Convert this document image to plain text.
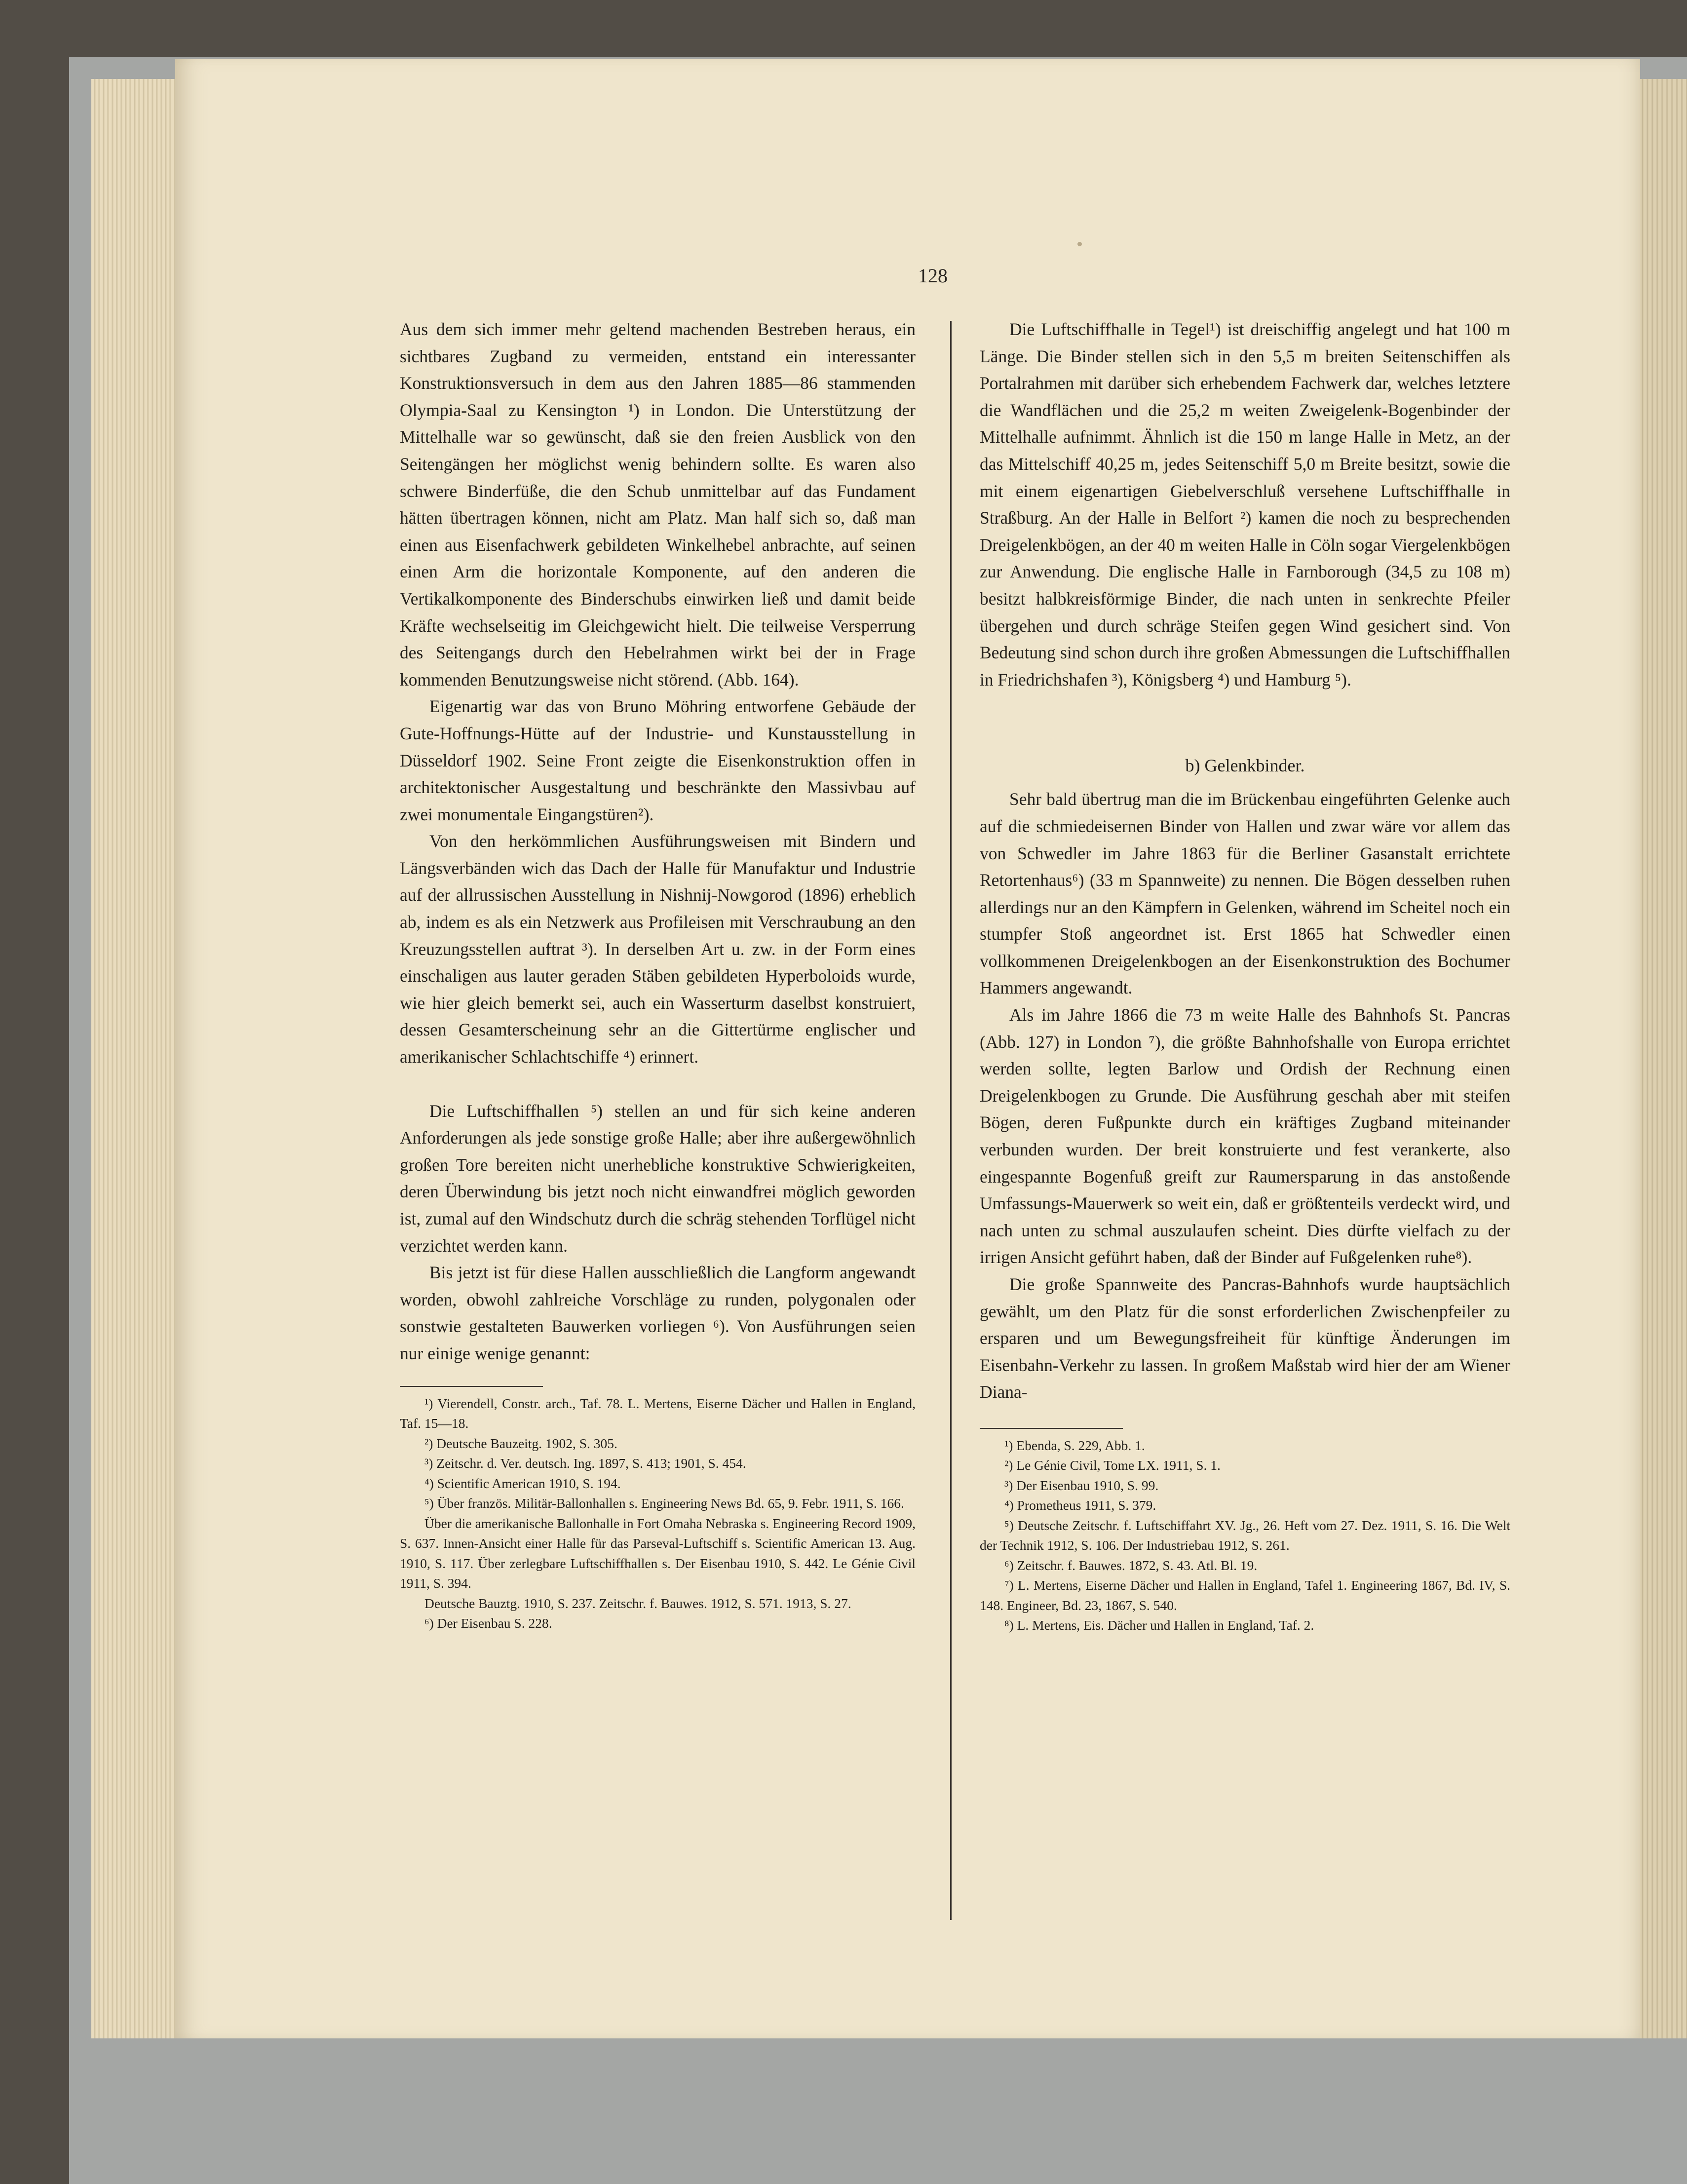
128

Aus dem sich immer mehr geltend machenden Bestreben heraus, ein sichtbares Zugband zu vermeiden, entstand ein interessanter Konstruktionsversuch in dem aus den Jahren 1885—86 stammenden Olympia-Saal zu Kensington ¹) in London. Die Unterstützung der Mittelhalle war so gewünscht, daß sie den freien Ausblick von den Seitengängen her möglichst wenig behindern sollte. Es waren also schwere Binderfüße, die den Schub unmittelbar auf das Fundament hätten übertragen können, nicht am Platz. Man half sich so, daß man einen aus Eisenfachwerk gebildeten Winkelhebel anbrachte, auf seinen einen Arm die horizontale Komponente, auf den anderen die Vertikalkomponente des Binderschubs einwirken ließ und damit beide Kräfte wechselseitig im Gleichgewicht hielt. Die teilweise Versperrung des Seitengangs durch den Hebelrahmen wirkt bei der in Frage kommenden Benutzungsweise nicht störend. (Abb. 164).

Eigenartig war das von Bruno Möhring entworfene Gebäude der Gute-Hoffnungs-Hütte auf der Industrie- und Kunstausstellung in Düsseldorf 1902. Seine Front zeigte die Eisenkonstruktion offen in architektonischer Ausgestaltung und beschränkte den Massivbau auf zwei monumentale Eingangstüren²).

Von den herkömmlichen Ausführungsweisen mit Bindern und Längsverbänden wich das Dach der Halle für Manufaktur und Industrie auf der allrussischen Ausstellung in Nishnij-Nowgorod (1896) erheblich ab, indem es als ein Netzwerk aus Profileisen mit Verschraubung an den Kreuzungsstellen auftrat ³). In derselben Art u. zw. in der Form eines einschaligen aus lauter geraden Stäben gebildeten Hyperboloids wurde, wie hier gleich bemerkt sei, auch ein Wasserturm daselbst konstruiert, dessen Gesamterscheinung sehr an die Gittertürme englischer und amerikanischer Schlachtschiffe ⁴) erinnert.

Die Luftschiffhallen ⁵) stellen an und für sich keine anderen Anforderungen als jede sonstige große Halle; aber ihre außergewöhnlich großen Tore bereiten nicht unerhebliche konstruktive Schwierigkeiten, deren Überwindung bis jetzt noch nicht einwandfrei möglich geworden ist, zumal auf den Windschutz durch die schräg stehenden Torflügel nicht verzichtet werden kann.

Bis jetzt ist für diese Hallen ausschließlich die Langform angewandt worden, obwohl zahlreiche Vorschläge zu runden, polygonalen oder sonstwie gestalteten Bauwerken vorliegen ⁶). Von Ausführungen seien nur einige wenige genannt:

¹) Vierendell, Constr. arch., Taf. 78. L. Mertens, Eiserne Dächer und Hallen in England, Taf. 15—18.
²) Deutsche Bauzeitg. 1902, S. 305.
³) Zeitschr. d. Ver. deutsch. Ing. 1897, S. 413; 1901, S. 454.
⁴) Scientific American 1910, S. 194.
⁵) Über französ. Militär-Ballonhallen s. Engineering News Bd. 65, 9. Febr. 1911, S. 166.
Über die amerikanische Ballonhalle in Fort Omaha Nebraska s. Engineering Record 1909, S. 637. Innen-Ansicht einer Halle für das Parseval-Luftschiff s. Scientific American 13. Aug. 1910, S. 117. Über zerlegbare Luftschiffhallen s. Der Eisenbau 1910, S. 442. Le Génie Civil 1911, S. 394.
Deutsche Bauztg. 1910, S. 237. Zeitschr. f. Bauwes. 1912, S. 571. 1913, S. 27.
⁶) Der Eisenbau S. 228.

Die Luftschiffhalle in Tegel¹) ist dreischiffig angelegt und hat 100 m Länge. Die Binder stellen sich in den 5,5 m breiten Seitenschiffen als Portalrahmen mit darüber sich erhebendem Fachwerk dar, welches letztere die Wandflächen und die 25,2 m weiten Zweigelenk-Bogenbinder der Mittelhalle aufnimmt. Ähnlich ist die 150 m lange Halle in Metz, an der das Mittelschiff 40,25 m, jedes Seitenschiff 5,0 m Breite besitzt, sowie die mit einem eigenartigen Giebelverschluß versehene Luftschiffhalle in Straßburg. An der Halle in Belfort ²) kamen die noch zu besprechenden Dreigelenkbögen, an der 40 m weiten Halle in Cöln sogar Viergelenkbögen zur Anwendung. Die englische Halle in Farnborough (34,5 zu 108 m) besitzt halbkreisförmige Binder, die nach unten in senkrechte Pfeiler übergehen und durch schräge Steifen gegen Wind gesichert sind. Von Bedeutung sind schon durch ihre großen Abmessungen die Luftschiffhallen in Friedrichshafen ³), Königsberg ⁴) und Hamburg ⁵).

b) Gelenkbinder.

Sehr bald übertrug man die im Brückenbau eingeführten Gelenke auch auf die schmiedeisernen Binder von Hallen und zwar wäre vor allem das von Schwedler im Jahre 1863 für die Berliner Gasanstalt errichtete Retortenhaus⁶) (33 m Spannweite) zu nennen. Die Bögen desselben ruhen allerdings nur an den Kämpfern in Gelenken, während im Scheitel noch ein stumpfer Stoß angeordnet ist. Erst 1865 hat Schwedler einen vollkommenen Dreigelenkbogen an der Eisenkonstruktion des Bochumer Hammers angewandt.

Als im Jahre 1866 die 73 m weite Halle des Bahnhofs St. Pancras (Abb. 127) in London ⁷), die größte Bahnhofshalle von Europa errichtet werden sollte, legten Barlow und Ordish der Rechnung einen Dreigelenkbogen zu Grunde. Die Ausführung geschah aber mit steifen Bögen, deren Fußpunkte durch ein kräftiges Zugband miteinander verbunden wurden. Der breit konstruierte und fest verankerte, also eingespannte Bogenfuß greift zur Raumersparung in das anstoßende Umfassungs-Mauerwerk so weit ein, daß er größtenteils verdeckt wird, und nach unten zu schmal auszulaufen scheint. Dies dürfte vielfach zu der irrigen Ansicht geführt haben, daß der Binder auf Fußgelenken ruhe⁸).

Die große Spannweite des Pancras-Bahnhofs wurde hauptsächlich gewählt, um den Platz für die sonst erforderlichen Zwischenpfeiler zu ersparen und um Bewegungsfreiheit für künftige Änderungen im Eisenbahn-Verkehr zu lassen. In großem Maßstab wird hier der am Wiener Diana-

¹) Ebenda, S. 229, Abb. 1.
²) Le Génie Civil, Tome LX. 1911, S. 1.
³) Der Eisenbau 1910, S. 99.
⁴) Prometheus 1911, S. 379.
⁵) Deutsche Zeitschr. f. Luftschiffahrt XV. Jg., 26. Heft vom 27. Dez. 1911, S. 16. Die Welt der Technik 1912, S. 106. Der Industriebau 1912, S. 261.
⁶) Zeitschr. f. Bauwes. 1872, S. 43. Atl. Bl. 19.
⁷) L. Mertens, Eiserne Dächer und Hallen in England, Tafel 1. Engineering 1867, Bd. IV, S. 148. Engineer, Bd. 23, 1867, S. 540.
⁸) L. Mertens, Eis. Dächer und Hallen in England, Taf. 2.
